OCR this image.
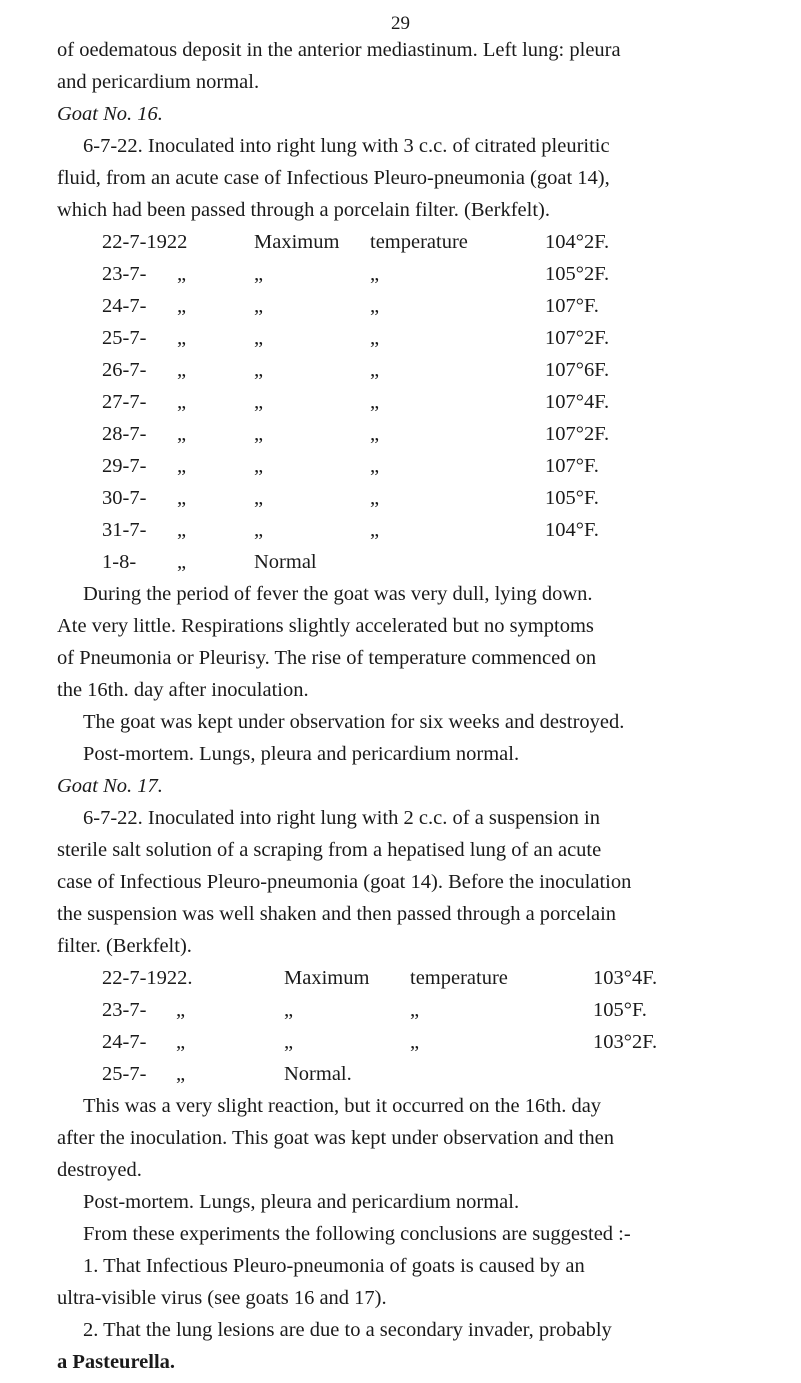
29

of oedematous deposit in the anterior mediastinum. Left lung: pleura

and pericardium normal.

Goat No. 16.

6-7-22. Inoculated into right lung with 3 c.c. of citrated pleuritic

fluid, from an acute case of Infectious Pleuro-pneumonia (goat 14),

which had been passed through a porcelain filter. (Berkfelt).

22-7-1922	Maximum temperature	104°2F.
23-7- „	„	„	105°2F.
24-7- „	„	„	107°F.
25-7- „	„	„	107°2F.
26-7- „	„	„	107°6F.
27-7- „	„	„	107°4F.
28-7- „	„	„	107°2F.
29-7- „	„	„	107°F.
30-7- „	„	„	105°F.
31-7- „	„	„	104°F.
1-8- „	Normal

During the period of fever the goat was very dull, lying down.

Ate very little. Respirations slightly accelerated but no symptoms

of Pneumonia or Pleurisy. The rise of temperature commenced on

the 16th. day after inoculation.

The goat was kept under observation for six weeks and destroyed.

Post-mortem. Lungs, pleura and pericardium normal.

Goat No. 17.

6-7-22. Inoculated into right lung with 2 c.c. of a suspension in

sterile salt solution of a scraping from a hepatised lung of an acute

case of Infectious Pleuro-pneumonia (goat 14). Before the inoculation

the suspension was well shaken and then passed through a porcelain

filter. (Berkfelt).

22-7-1922.	Maximum temperature	103°4F.
23-7- „	„	„	105°F.
24-7- „	„	„	103°2F.
25-7- „	Normal.

This was a very slight reaction, but it occurred on the 16th. day

after the inoculation. This goat was kept under observation and then

destroyed.

Post-mortem. Lungs, pleura and pericardium normal.

From these experiments the following conclusions are suggested :-

1. That Infectious Pleuro-pneumonia of goats is caused by an

ultra-visible virus (see goats 16 and 17).

2. That the lung lesions are due to a secondary invader, probably

a Pasteurella.
